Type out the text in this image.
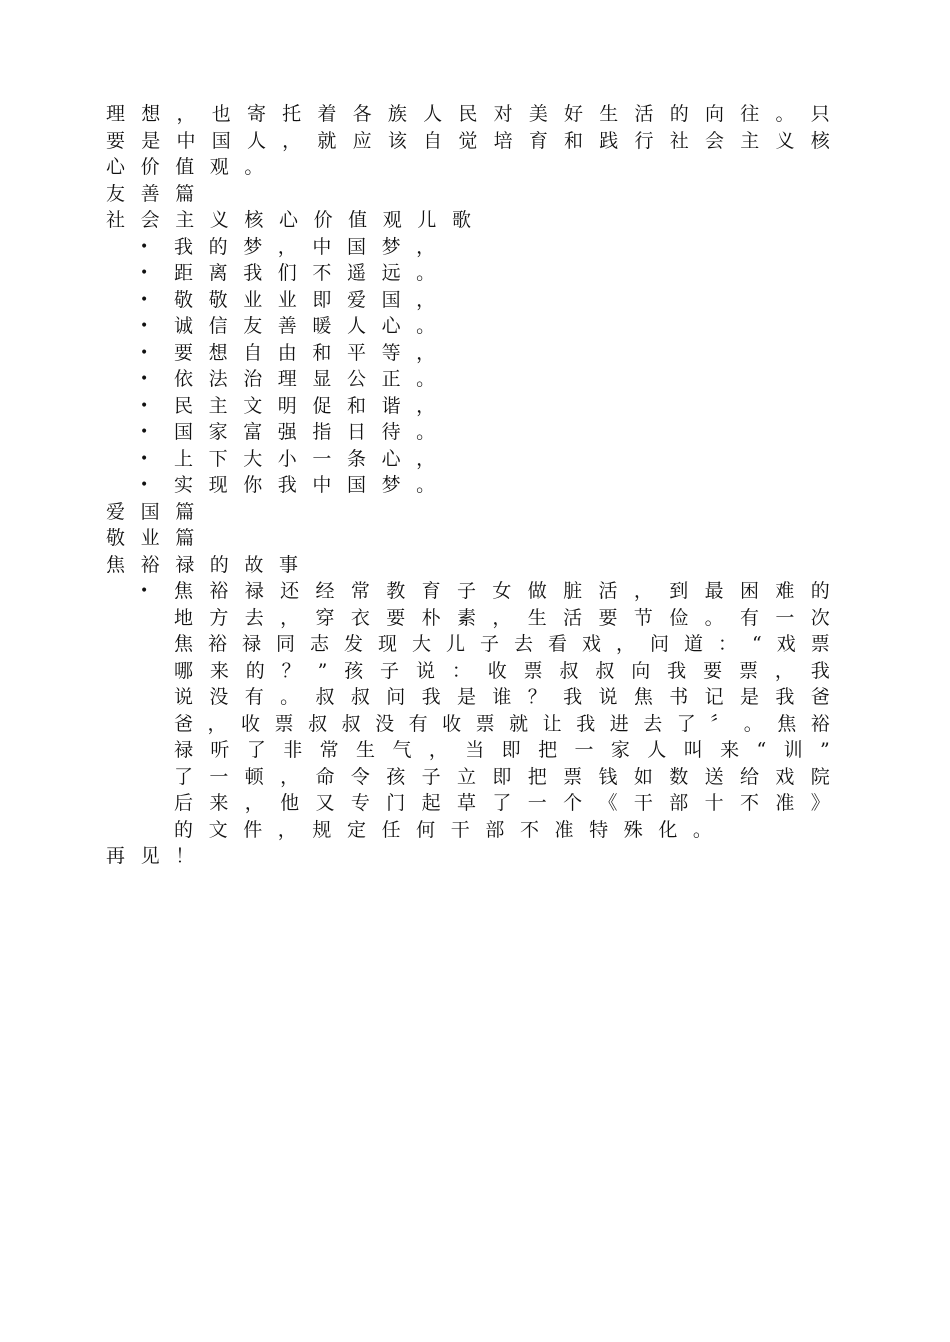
理 想 ， 也 寄 托 着 各 族 人 民 对 美 好 生 活 的 向 往 。 只
要 是 中 国 人 ， 就 应 该 自 觉 培 育 和 践 行 社 会 主 义 核
心 价 值 观 。
友 善 篇
社 会 主 义 核 心 价 值 观 儿 歌
•	我 的 梦 ， 中 国 梦 ，
•	距 离 我 们 不 遥 远 。
•	敬 敬 业 业 即 爱 国 ，
•	诚 信 友 善 暖 人 心 。
•	要 想 自 由 和 平 等 ，
•	依 法 治 理 显 公 正 。
•	民 主 文 明 促 和 谐 ，
•	国 家 富 强 指 日 待 。
•	上 下 大 小 一 条 心 ，
•	实 现 你 我 中 国 梦 。
爱 国 篇
敬 业 篇
焦 裕 禄 的 故 事
•	焦 裕 禄 还 经 常 教 育 子 女 做 脏 活 ， 到 最 困 难 的
地 方 去 ， 穿 衣 要 朴 素 ， 生 活 要 节 俭 。 有 一 次
焦 裕 禄 同 志 发 现 大 儿 子 去 看 戏 ， 问 道 ： “ 戏 票
哪 来 的 ？ ” 孩 子 说 ： 收 票 叔 叔 向 我 要 票 ， 我
说 没 有 。 叔 叔 问 我 是 谁 ？ 我 说 焦 书 记 是 我 爸
爸 ， 收 票 叔 叔 没 有 收 票 就 让 我 进 去 了 〞 。 焦 裕
禄 听 了 非 常 生 气 ， 当 即 把 一 家 人 叫 来 “ 训 ”
了 一 顿 ， 命 令 孩 子 立 即 把 票 钱 如 数 送 给 戏 院
后 来 ， 他 又 专 门 起 草 了 一 个 《 干 部 十 不 准 》
的 文 件 ， 规 定 任 何 干 部 不 准 特 殊 化 。
再 见 ！
